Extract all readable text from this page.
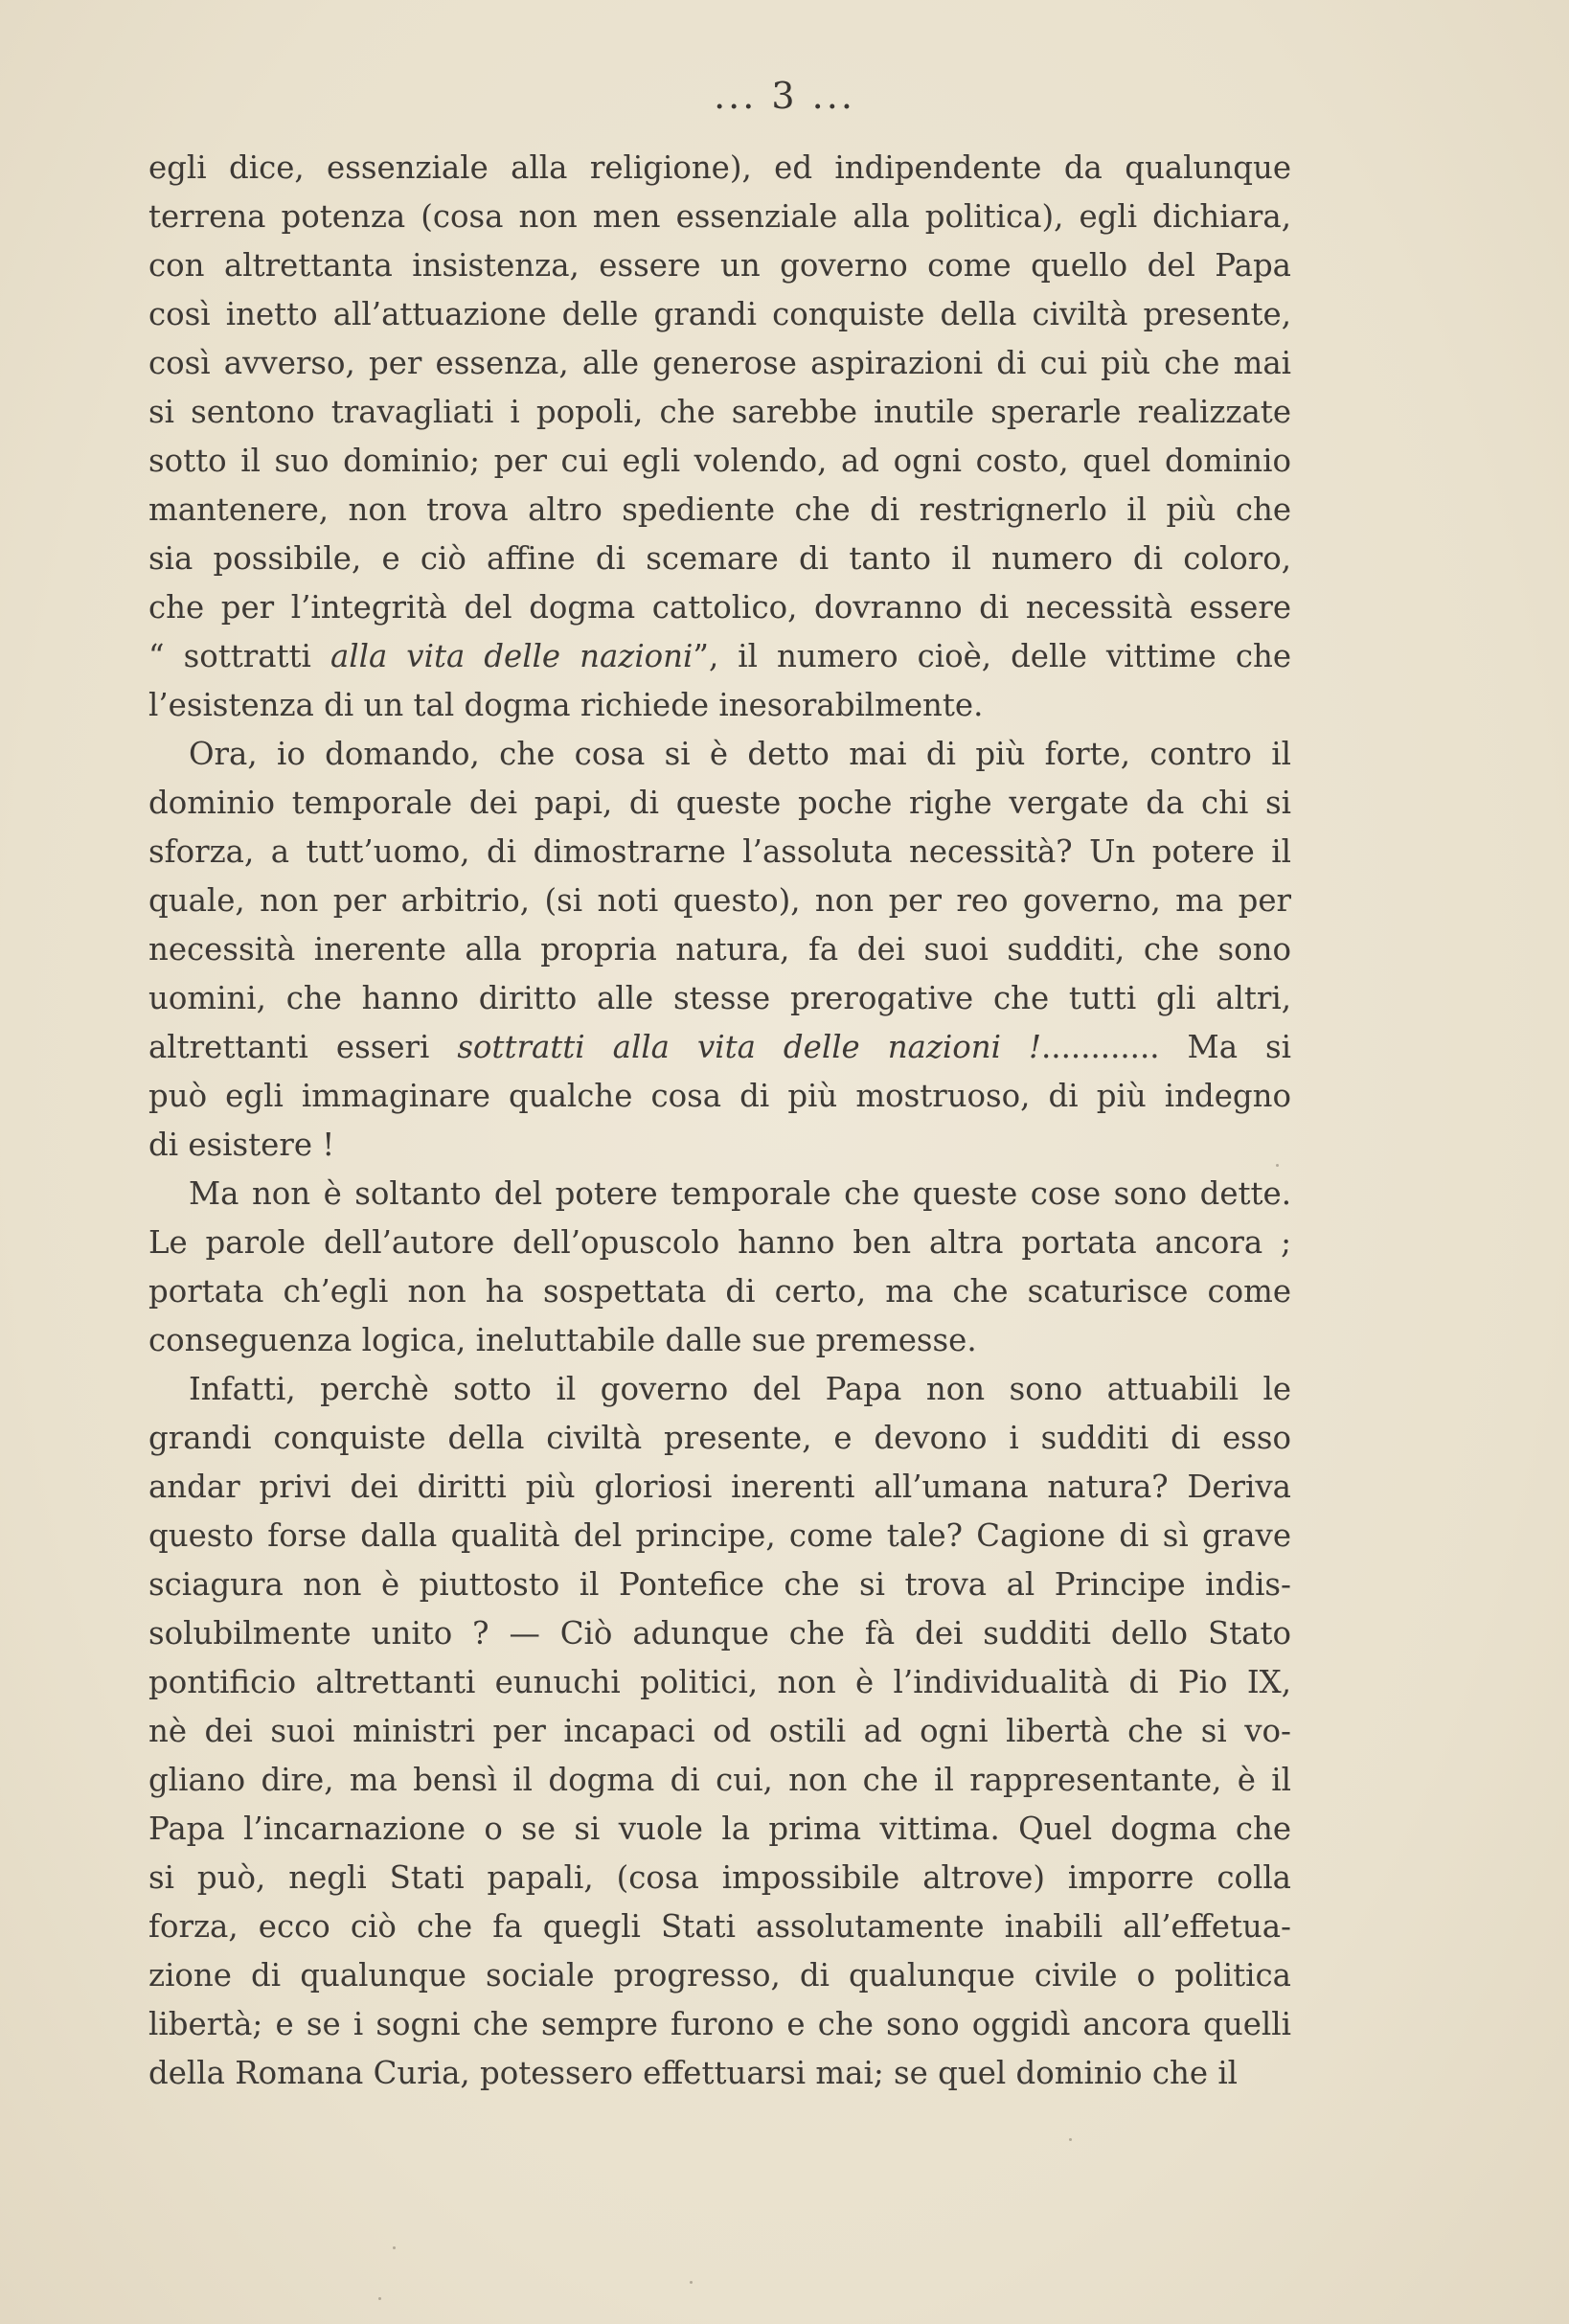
... 3 ...
egli dice, essenziale alla religione), ed indipendente da qualunque
terrena potenza (cosa non men essenziale alla politica), egli dichiara,
con altrettanta insistenza, essere un governo come quello del Papa
così inetto all’attuazione delle grandi conquiste della civiltà presente,
così avverso, per essenza, alle generose aspirazioni di cui più che mai
si sentono travagliati i popoli, che sarebbe inutile sperarle realizzate
sotto il suo dominio; per cui egli volendo, ad ogni costo, quel dominio
mantenere, non trova altro spediente che di restrignerlo il più che
sia possibile, e ciò affine di scemare di tanto il numero di coloro,
che per l’integrità del dogma cattolico, dovranno di necessità essere
“ sottratti alla vita delle nazioni”, il numero cioè, delle vittime che
l’esistenza di un tal dogma richiede inesorabilmente.
Ora, io domando, che cosa si è detto mai di più forte, contro il
dominio temporale dei papi, di queste poche righe vergate da chi si
sforza, a tutt’uomo, di dimostrarne l’assoluta necessità? Un potere il
quale, non per arbitrio, (si noti questo), non per reo governo, ma per
necessità inerente alla propria natura, fa dei suoi sudditi, che sono
uomini, che hanno diritto alle stesse prerogative che tutti gli altri,
altrettanti esseri sottratti alla vita delle nazioni !............ Ma si
può egli immaginare qualche cosa di più mostruoso, di più indegno
di esistere !
Ma non è soltanto del potere temporale che queste cose sono dette.
Le parole dell’autore dell’opuscolo hanno ben altra portata ancora ;
portata ch’egli non ha sospettata di certo, ma che scaturisce come
conseguenza logica, ineluttabile dalle sue premesse.
Infatti, perchè sotto il governo del Papa non sono attuabili le
grandi conquiste della civiltà presente, e devono i sudditi di esso
andar privi dei diritti più gloriosi inerenti all’umana natura? Deriva
questo forse dalla qualità del principe, come tale? Cagione di sì grave
sciagura non è piuttosto il Pontefice che si trova al Principe indis-
solubilmente unito ? — Ciò adunque che fà dei sudditi dello Stato
pontificio altrettanti eunuchi politici, non è l’individualità di Pio IX,
nè dei suoi ministri per incapaci od ostili ad ogni libertà che si vo-
gliano dire, ma bensì il dogma di cui, non che il rappresentante, è il
Papa l’incarnazione o se si vuole la prima vittima. Quel dogma che
si può, negli Stati papali, (cosa impossibile altrove) imporre colla
forza, ecco ciò che fa quegli Stati assolutamente inabili all’effetua-
zione di qualunque sociale progresso, di qualunque civile o politica
libertà; e se i sogni che sempre furono e che sono oggidì ancora quelli
della Romana Curia, potessero effettuarsi mai; se quel dominio che il
